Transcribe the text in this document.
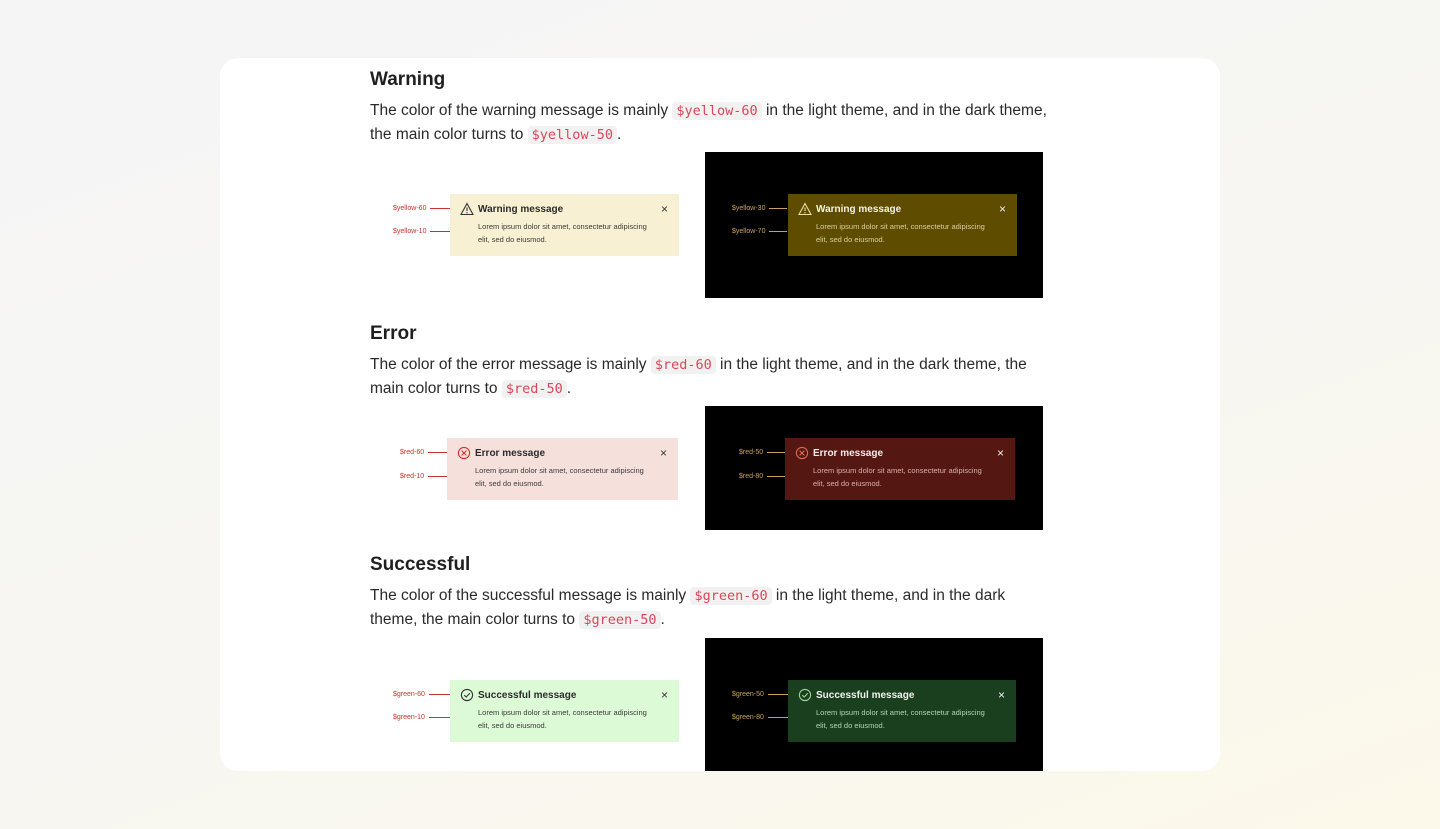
Warning

The color of the warning message is mainly $yellow-60 in the light theme, and in the dark theme, the main color turns to $yellow-50 .

$yellow-60
$yellow-10
Warning message	×
Lorem ipsum dolor sit amet, consectetur adipiscing elit, sed do eiusmod.
$yellow-30
$yellow-70
Warning message	×
Lorem ipsum dolor sit amet, consectetur adipiscing elit, sed do eiusmod.
Error

The color of the error message is mainly $red-60 in the light theme, and in the dark theme, the main color turns to $red-50 .

$red-60
$red-10
Error message	×
Lorem ipsum dolor sit amet, consectetur adipiscing elit, sed do eiusmod.
$red-50
$red-80
Error message	×
Lorem ipsum dolor sit amet, consectetur adipiscing elit, sed do eiusmod.
Successful

The color of the successful message is mainly $green-60 in the light theme, and in the dark theme, the main color turns to $green-50 .

$green-60
$green-10
Successful message	×
Lorem ipsum dolor sit amet, consectetur adipiscing elit, sed do eiusmod.
$green-50
$green-80
Successful message	×
Lorem ipsum dolor sit amet, consectetur adipiscing elit, sed do eiusmod.
